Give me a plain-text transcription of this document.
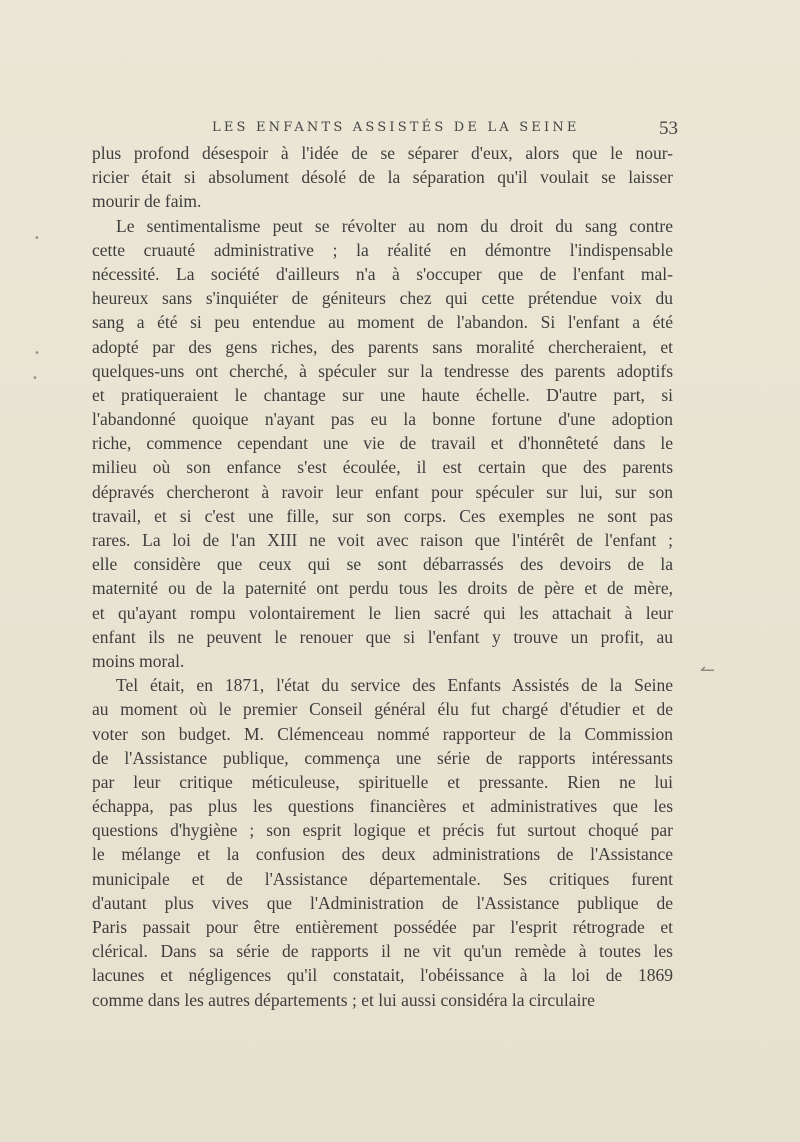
LES ENFANTS ASSISTÉS DE LA SEINE	53
plus profond désespoir à l'idée de se séparer d'eux, alors que le nour-
ricier était si absolument désolé de la séparation qu'il voulait se laisser
mourir de faim.
Le sentimentalisme peut se révolter au nom du droit du sang contre
cette cruauté administrative ; la réalité en démontre l'indispensable
nécessité. La société d'ailleurs n'a à s'occuper que de l'enfant mal-
heureux sans s'inquiéter de géniteurs chez qui cette prétendue voix du
sang a été si peu entendue au moment de l'abandon. Si l'enfant a été
adopté par des gens riches, des parents sans moralité chercheraient, et
quelques-uns ont cherché, à spéculer sur la tendresse des parents adoptifs
et pratiqueraient le chantage sur une haute échelle. D'autre part, si
l'abandonné quoique n'ayant pas eu la bonne fortune d'une adoption
riche, commence cependant une vie de travail et d'honnêteté dans le
milieu où son enfance s'est écoulée, il est certain que des parents
dépravés chercheront à ravoir leur enfant pour spéculer sur lui, sur son
travail, et si c'est une fille, sur son corps. Ces exemples ne sont pas
rares. La loi de l'an XIII ne voit avec raison que l'intérêt de l'enfant ;
elle considère que ceux qui se sont débarrassés des devoirs de la
maternité ou de la paternité ont perdu tous les droits de père et de mère,
et qu'ayant rompu volontairement le lien sacré qui les attachait à leur
enfant ils ne peuvent le renouer que si l'enfant y trouve un profit, au
moins moral.
Tel était, en 1871, l'état du service des Enfants Assistés de la Seine
au moment où le premier Conseil général élu fut chargé d'étudier et de
voter son budget. M. Clémenceau nommé rapporteur de la Commission
de l'Assistance publique, commença une série de rapports intéressants
par leur critique méticuleuse, spirituelle et pressante. Rien ne lui
échappa, pas plus les questions financières et administratives que les
questions d'hygiène ; son esprit logique et précis fut surtout choqué par
le mélange et la confusion des deux administrations de l'Assistance
municipale et de l'Assistance départementale. Ses critiques furent
d'autant plus vives que l'Administration de l'Assistance publique de
Paris passait pour être entièrement possédée par l'esprit rétrograde et
clérical. Dans sa série de rapports il ne vit qu'un remède à toutes les
lacunes et négligences qu'il constatait, l'obéissance à la loi de 1869
comme dans les autres départements ; et lui aussi considéra la circulaire
•
•
•
↼
